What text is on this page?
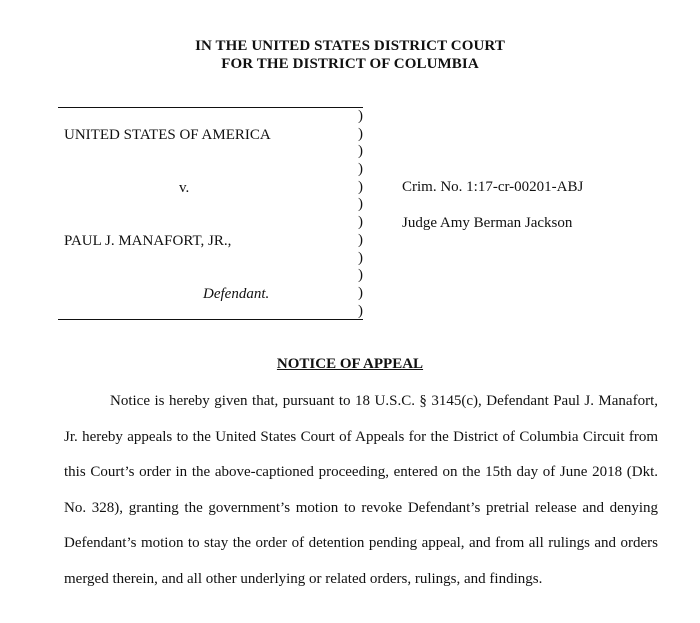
IN THE UNITED STATES DISTRICT COURT
FOR THE DISTRICT OF COLUMBIA
UNITED STATES OF AMERICA
v.
PAUL J. MANAFORT, JR.,
Defendant.
)
)
)
)
)
)
)
)
)
)
)
)
Crim. No. 1:17-cr-00201-ABJ
Judge Amy Berman Jackson
NOTICE OF APPEAL

Notice is hereby given that, pursuant to 18 U.S.C. § 3145(c), Defendant Paul J. Manafort, Jr. hereby appeals to the United States Court of Appeals for the District of Columbia Circuit from this Court’s order in the above-captioned proceeding, entered on the 15th day of June 2018 (Dkt. No. 328), granting the government’s motion to revoke Defendant’s pretrial release and denying Defendant’s motion to stay the order of detention pending appeal, and from all rulings and orders merged therein, and all other underlying or related orders, rulings, and findings.
